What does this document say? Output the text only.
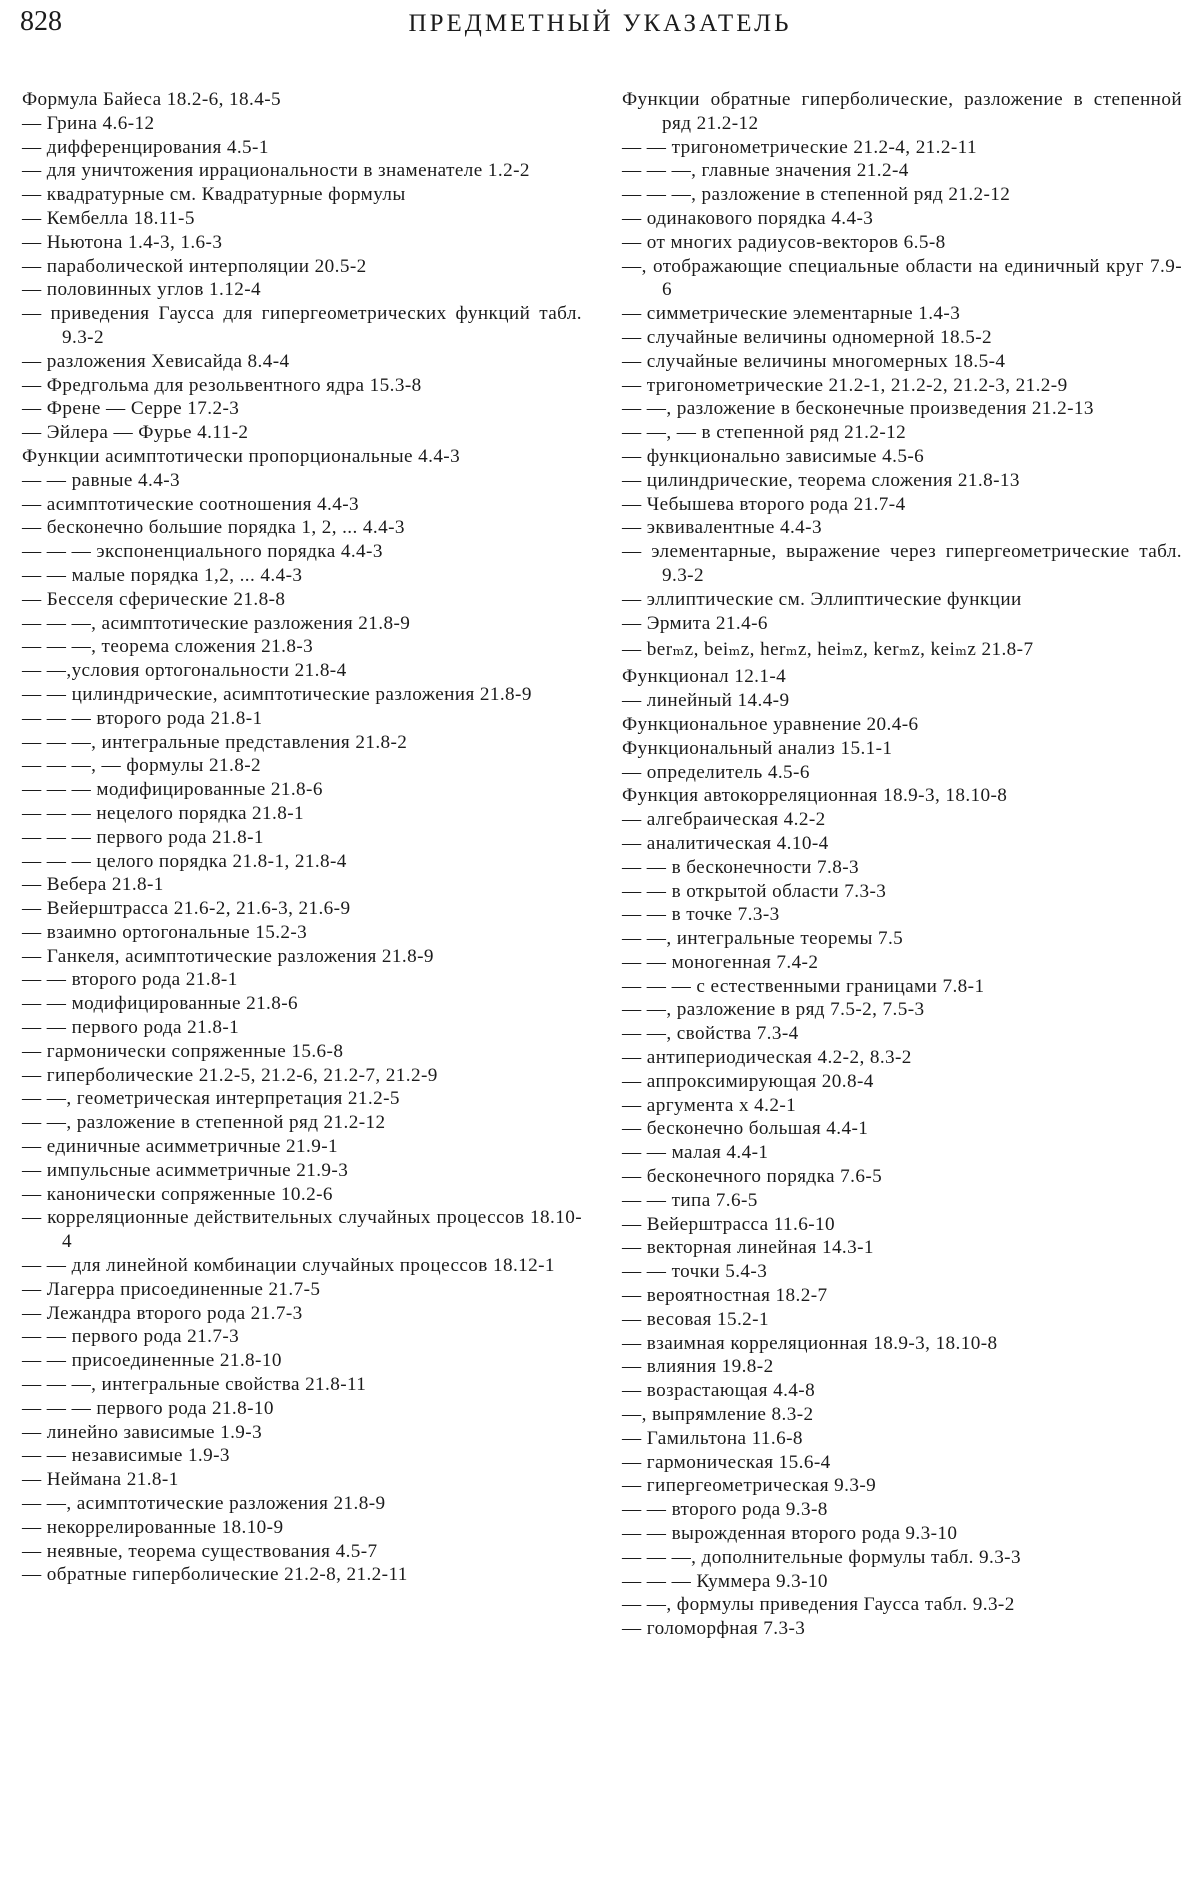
828	ПРЕДМЕТНЫЙ УКАЗАТЕЛЬ

Формула Байеса 18.2-6, 18.4-5

— Грина 4.6-12

— дифференцирования 4.5-1

— для уничтожения иррациональности в знаменателе 1.2-2

— квадратурные см. Квадратурные формулы

— Кембелла 18.11-5

— Ньютона 1.4-3, 1.6-3

— параболической интерполяции 20.5-2

— половинных углов 1.12-4

— приведения Гаусса для гипергеометрических функций табл. 9.3-2

— разложения Хевисайда 8.4-4

— Фредгольма для резольвентного ядра 15.3-8

— Френе — Серре 17.2-3

— Эйлера — Фурье 4.11-2

Функции асимптотически пропорциональные 4.4-3

— — равные 4.4-3

— асимптотические соотношения 4.4-3

— бесконечно большие порядка 1, 2, ... 4.4-3

— — — экспоненциального порядка 4.4-3

— — малые порядка 1,2, ... 4.4-3

— Бесселя сферические 21.8-8

— — —, асимптотические разложения 21.8-9

— — —, теорема сложения 21.8-3

— —,условия ортогональности 21.8-4

— — цилиндрические, асимптотические разложения 21.8-9

— — — второго рода 21.8-1

— — —, интегральные представления 21.8-2

— — —, — формулы 21.8-2

— — — модифицированные 21.8-6

— — — нецелого порядка 21.8-1

— — — первого рода 21.8-1

— — — целого порядка 21.8-1, 21.8-4

— Вебера 21.8-1

— Вейерштрасса 21.6-2, 21.6-3, 21.6-9

— взаимно ортогональные 15.2-3

— Ганкеля, асимптотические разложения 21.8-9

— — второго рода 21.8-1

— — модифицированные 21.8-6

— — первого рода 21.8-1

— гармонически сопряженные 15.6-8

— гиперболические 21.2-5, 21.2-6, 21.2-7, 21.2-9

— —, геометрическая интерпретация 21.2-5

— —, разложение в степенной ряд 21.2-12

— единичные асимметричные 21.9-1

— импульсные асимметричные 21.9-3

— канонически сопряженные 10.2-6

— корреляционные действительных случайных процессов 18.10-4

— — для линейной комбинации случайных процессов 18.12-1

— Лагерра присоединенные 21.7-5

— Лежандра второго рода 21.7-3

— — первого рода 21.7-3

— — присоединенные 21.8-10

— — —, интегральные свойства 21.8-11

— — — первого рода 21.8-10

— линейно зависимые 1.9-3

— — независимые 1.9-3

— Неймана 21.8-1

— —, асимптотические разложения 21.8-9

— некоррелированные 18.10-9

— неявные, теорема существования 4.5-7

— обратные гиперболические 21.2-8, 21.2-11

Функции обратные гиперболические, разложение в степенной ряд 21.2-12

— — тригонометрические 21.2-4, 21.2-11

— — —, главные значения 21.2-4

— — —, разложение в степенной ряд 21.2-12

— одинакового порядка 4.4-3

— от многих радиусов-векторов 6.5-8

—, отображающие специальные области на единичный круг 7.9-6

— симметрические элементарные 1.4-3

— случайные величины одномерной 18.5-2

— случайные величины многомерных 18.5-4

— тригонометрические 21.2-1, 21.2-2, 21.2-3, 21.2-9

— —, разложение в бесконечные произведения 21.2-13

— —, — в степенной ряд 21.2-12

— функционально зависимые 4.5-6

— цилиндрические, теорема сложения 21.8-13

— Чебышева второго рода 21.7-4

— эквивалентные 4.4-3

— элементарные, выражение через гипергеометрические табл. 9.3-2

— эллиптические см. Эллиптические функции

— Эрмита 21.4-6

— berₘz, beiₘz, herₘz, heiₘz, kerₘz, keiₘz 21.8-7

Функционал 12.1-4

— линейный 14.4-9

Функциональное уравнение 20.4-6

Функциональный анализ 15.1-1

— определитель 4.5-6

Функция автокорреляционная 18.9-3, 18.10-8

— алгебраическая 4.2-2

— аналитическая 4.10-4

— — в бесконечности 7.8-3

— — в открытой области 7.3-3

— — в точке 7.3-3

— —, интегральные теоремы 7.5

— — моногенная 7.4-2

— — — с естественными границами 7.8-1

— —, разложение в ряд 7.5-2, 7.5-3

— —, свойства 7.3-4

— антипериодическая 4.2-2, 8.3-2

— аппроксимирующая 20.8-4

— аргумента x 4.2-1

— бесконечно большая 4.4-1

— — малая 4.4-1

— бесконечного порядка 7.6-5

— — типа 7.6-5

— Вейерштрасса 11.6-10

— векторная линейная 14.3-1

— — точки 5.4-3

— вероятностная 18.2-7

— весовая 15.2-1

— взаимная корреляционная 18.9-3, 18.10-8

— влияния 19.8-2

— возрастающая 4.4-8

—, выпрямление 8.3-2

— Гамильтона 11.6-8

— гармоническая 15.6-4

— гипергеометрическая 9.3-9

— — второго рода 9.3-8

— — вырожденная второго рода 9.3-10

— — —, дополнительные формулы табл. 9.3-3

— — — Куммера 9.3-10

— —, формулы приведения Гаусса табл. 9.3-2

— голоморфная 7.3-3
